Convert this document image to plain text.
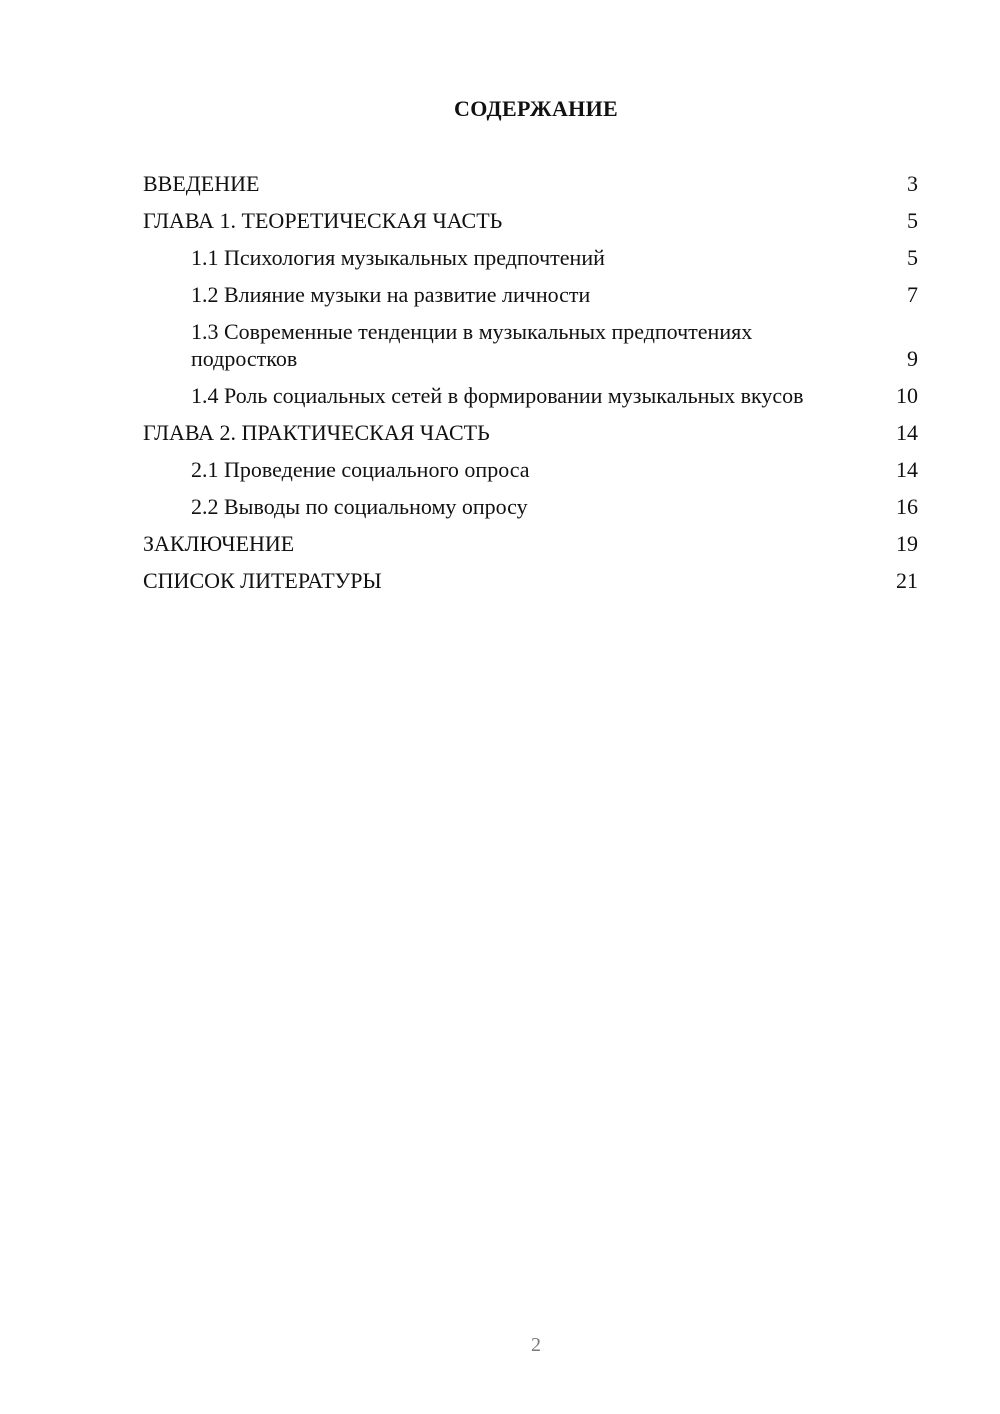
СОДЕРЖАНИЕ
ВВЕДЕНИЕ	3
ГЛАВА 1. ТЕОРЕТИЧЕСКАЯ ЧАСТЬ	5
1.1 Психология музыкальных предпочтений	5
1.2 Влияние музыки на развитие личности	7
1.3 Современные тенденции в музыкальных предпочтениях подростков	9
1.4 Роль социальных сетей в формировании музыкальных вкусов	10
ГЛАВА 2. ПРАКТИЧЕСКАЯ ЧАСТЬ	14
2.1 Проведение социального опроса	14
2.2 Выводы по социальному опросу	16
ЗАКЛЮЧЕНИЕ	19
СПИСОК ЛИТЕРАТУРЫ	21
2
